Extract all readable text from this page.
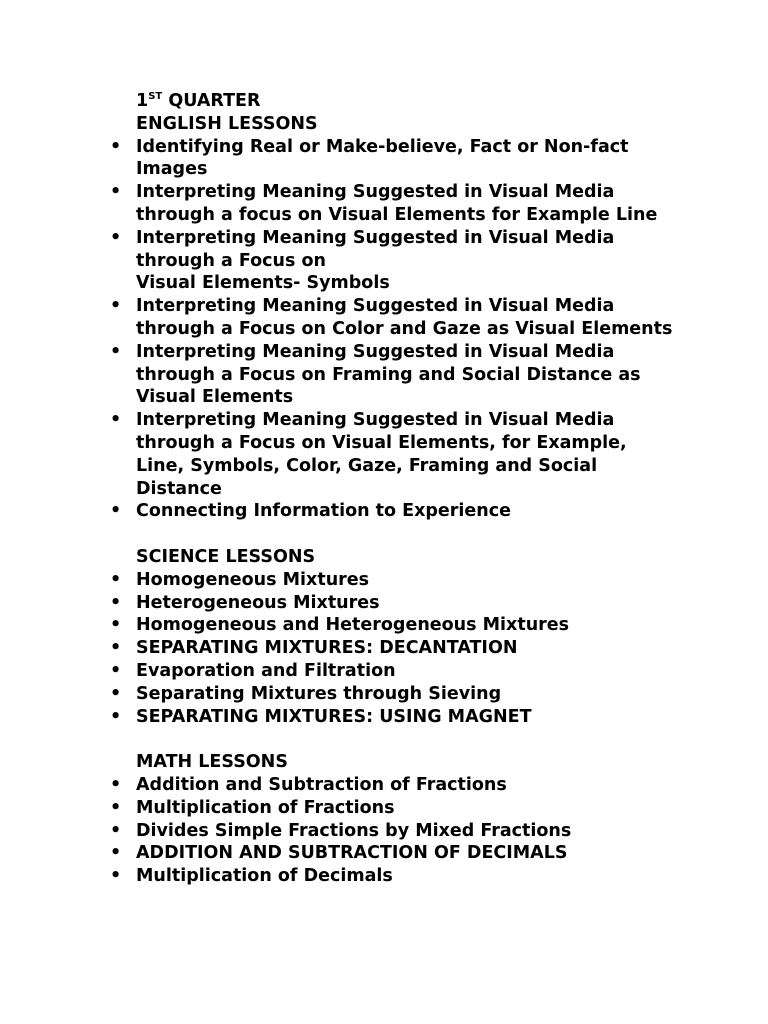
1ST QUARTER
ENGLISH LESSONS
• Identifying Real or Make-believe, Fact or Non-fact
Images
• Interpreting Meaning Suggested in Visual Media
through a focus on Visual Elements for Example Line
• Interpreting Meaning Suggested in Visual Media
through a Focus on
Visual Elements- Symbols
• Interpreting Meaning Suggested in Visual Media
through a Focus on Color and Gaze as Visual Elements
• Interpreting Meaning Suggested in Visual Media
through a Focus on Framing and Social Distance as
Visual Elements
• Interpreting Meaning Suggested in Visual Media
through a Focus on Visual Elements, for Example,
Line, Symbols, Color, Gaze, Framing and Social
Distance
• Connecting Information to Experience
SCIENCE LESSONS
• Homogeneous Mixtures
• Heterogeneous Mixtures
• Homogeneous and Heterogeneous Mixtures
• SEPARATING MIXTURES: DECANTATION
• Evaporation and Filtration
• Separating Mixtures through Sieving
• SEPARATING MIXTURES: USING MAGNET
MATH LESSONS
• Addition and Subtraction of Fractions
• Multiplication of Fractions
• Divides Simple Fractions by Mixed Fractions
• ADDITION AND SUBTRACTION OF DECIMALS
• Multiplication of Decimals
